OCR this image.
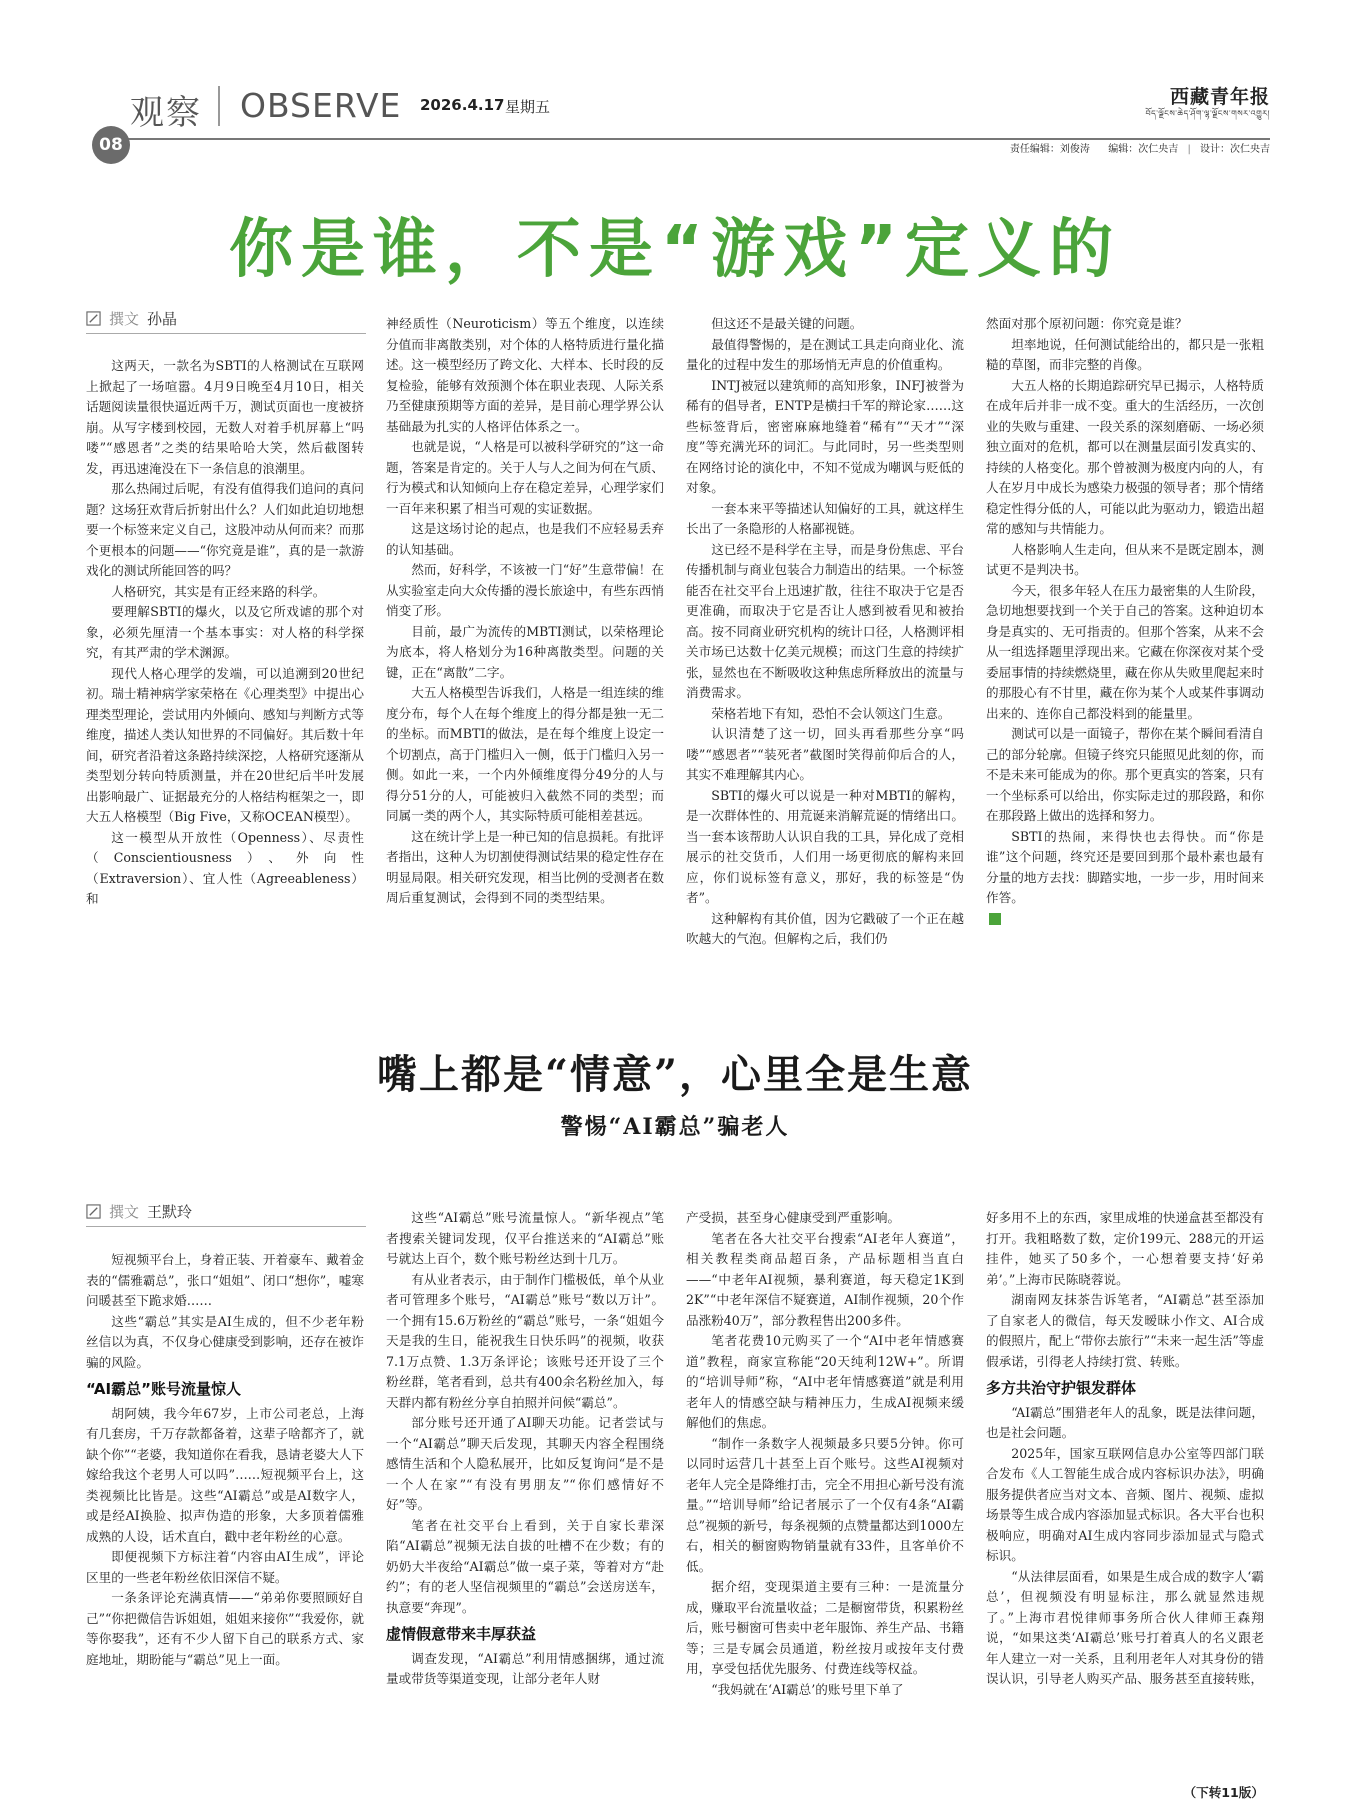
观察 OBSERVE 2026.4.17 星期五	西藏青年报
བོད་ལྗོངས་ཆེད་ཤོག་ལྷ་ལྗོངས་གསར་འགྱུར།
08	责任编辑：刘俊涛 编辑：次仁央吉 | 设计：次仁央吉
你是谁，不是“游戏”定义的
撰文 孙晶

这两天，一款名为SBTI的人格测试在互联网上掀起了一场喧嚣。4月9日晚至4月10日，相关话题阅读量很快逼近两千万，测试页面也一度被挤崩。从写字楼到校园，无数人对着手机屏幕上“吗喽”“感恩者”之类的结果哈哈大笑，然后截图转发，再迅速淹没在下一条信息的浪潮里。

那么热闹过后呢，有没有值得我们追问的真问题？这场狂欢背后折射出什么？人们如此迫切地想要一个标签来定义自己，这股冲动从何而来？而那个更根本的问题——“你究竟是谁”，真的是一款游戏化的测试所能回答的吗？

人格研究，其实是有正经来路的科学。

要理解SBTI的爆火，以及它所戏谑的那个对象，必须先厘清一个基本事实：对人格的科学探究，有其严肃的学术渊源。

现代人格心理学的发端，可以追溯到20世纪初。瑞士精神病学家荣格在《心理类型》中提出心理类型理论，尝试用内外倾向、感知与判断方式等维度，描述人类认知世界的不同偏好。其后数十年间，研究者沿着这条路持续深挖，人格研究逐渐从类型划分转向特质测量，并在20世纪后半叶发展出影响最广、证据最充分的人格结构框架之一，即大五人格模型（Big Five，又称OCEAN模型）。

这一模型从开放性（Openness）、尽责性（Conscientiousness）、外向性（Extraversion）、宜人性（Agreeableness）和

神经质性（Neuroticism）等五个维度，以连续分值而非离散类别，对个体的人格特质进行量化描述。这一模型经历了跨文化、大样本、长时段的反复检验，能够有效预测个体在职业表现、人际关系乃至健康预期等方面的差异，是目前心理学界公认基础最为扎实的人格评估体系之一。

也就是说，“人格是可以被科学研究的”这一命题，答案是肯定的。关于人与人之间为何在气质、行为模式和认知倾向上存在稳定差异，心理学家们一百年来积累了相当可观的实证数据。

这是这场讨论的起点，也是我们不应轻易丢弃的认知基础。

然而，好科学，不该被一门“好”生意带偏！在从实验室走向大众传播的漫长旅途中，有些东西悄悄变了形。

目前，最广为流传的MBTI测试，以荣格理论为底本，将人格划分为16种离散类型。问题的关键，正在“离散”二字。

大五人格模型告诉我们，人格是一组连续的维度分布，每个人在每个维度上的得分都是独一无二的坐标。而MBTI的做法，是在每个维度上设定一个切割点，高于门槛归入一侧，低于门槛归入另一侧。如此一来，一个内外倾维度得分49分的人与得分51分的人，可能被归入截然不同的类型；而同属一类的两个人，其实际特质可能相差甚远。

这在统计学上是一种已知的信息损耗。有批评者指出，这种人为切割使得测试结果的稳定性存在明显局限。相关研究发现，相当比例的受测者在数周后重复测试，会得到不同的类型结果。

但这还不是最关键的问题。

最值得警惕的，是在测试工具走向商业化、流量化的过程中发生的那场悄无声息的价值重构。

INTJ被冠以建筑师的高知形象，INFJ被誉为稀有的倡导者，ENTP是横扫千军的辩论家……这些标签背后，密密麻麻地缝着“稀有”“天才”“深度”等充满光环的词汇。与此同时，另一些类型则在网络讨论的演化中，不知不觉成为嘲讽与贬低的对象。

一套本来平等描述认知偏好的工具，就这样生长出了一条隐形的人格鄙视链。

这已经不是科学在主导，而是身份焦虑、平台传播机制与商业包装合力制造出的结果。一个标签能否在社交平台上迅速扩散，往往不取决于它是否更准确，而取决于它是否让人感到被看见和被抬高。按不同商业研究机构的统计口径，人格测评相关市场已达数十亿美元规模；而这门生意的持续扩张，显然也在不断吸收这种焦虑所释放出的流量与消费需求。

荣格若地下有知，恐怕不会认领这门生意。

认识清楚了这一切，回头再看那些分享“吗喽”“感恩者”“装死者”截图时笑得前仰后合的人，其实不难理解其内心。

SBTI的爆火可以说是一种对MBTI的解构，是一次群体性的、用荒诞来消解荒诞的情绪出口。当一套本该帮助人认识自我的工具，异化成了竞相展示的社交货币，人们用一场更彻底的解构来回应，你们说标签有意义，那好，我的标签是“伪者”。

这种解构有其价值，因为它戳破了一个正在越吹越大的气泡。但解构之后，我们仍

然面对那个原初问题：你究竟是谁？

坦率地说，任何测试能给出的，都只是一张粗糙的草图，而非完整的肖像。

大五人格的长期追踪研究早已揭示，人格特质在成年后并非一成不变。重大的生活经历，一次创业的失败与重建、一段关系的深刻磨砺、一场必须独立面对的危机，都可以在测量层面引发真实的、持续的人格变化。那个曾被测为极度内向的人，有人在岁月中成长为感染力极强的领导者；那个情绪稳定性得分低的人，可能以此为驱动力，锻造出超常的感知与共情能力。

人格影响人生走向，但从来不是既定剧本，测试更不是判决书。

今天，很多年轻人在压力最密集的人生阶段，急切地想要找到一个关于自己的答案。这种迫切本身是真实的、无可指责的。但那个答案，从来不会从一组选择题里浮现出来。它藏在你深夜对某个受委屈事情的持续燃烧里，藏在你从失败里爬起来时的那股心有不甘里，藏在你为某个人或某件事调动出来的、连你自己都没料到的能量里。

测试可以是一面镜子，帮你在某个瞬间看清自己的部分轮廓。但镜子终究只能照见此刻的你，而不是未来可能成为的你。那个更真实的答案，只有一个坐标系可以给出，你实际走过的那段路，和你在那段路上做出的选择和努力。

SBTI的热闹，来得快也去得快。而“你是谁”这个问题，终究还是要回到那个最朴素也最有分量的地方去找：脚踏实地，一步一步，用时间来作答。

嘴上都是“情意”，心里全是生意
警惕“AI霸总”骗老人
撰文 王默玲

短视频平台上，身着正装、开着豪车、戴着金表的“儒雅霸总”，张口“姐姐”、闭口“想你”，嘘寒问暖甚至下跪求婚……

这些“霸总”其实是AI生成的，但不少老年粉丝信以为真，不仅身心健康受到影响，还存在被诈骗的风险。

“AI霸总”账号流量惊人

胡阿姨，我今年67岁，上市公司老总，上海有几套房，千万存款都备着，这辈子啥都齐了，就缺个你”“老婆，我知道你在看我，恳请老婆大人下嫁给我这个老男人可以吗”……短视频平台上，这类视频比比皆是。这些“AI霸总”或是AI数字人，或是经AI换脸、拟声伪造的形象，大多顶着儒雅成熟的人设，话术直白，戳中老年粉丝的心意。

即便视频下方标注着“内容由AI生成”，评论区里的一些老年粉丝依旧深信不疑。

一条条评论充满真情——“弟弟你要照顾好自己”“你把微信告诉姐姐，姐姐来接你”“我爱你，就等你娶我”，还有不少人留下自己的联系方式、家庭地址，期盼能与“霸总”见上一面。

这些“AI霸总”账号流量惊人。“新华视点”笔者搜索关键词发现，仅平台推送来的“AI霸总”账号就达上百个，数个账号粉丝达到十几万。

有从业者表示，由于制作门槛极低，单个从业者可管理多个账号，“AI霸总”账号“数以万计”。一个拥有15.6万粉丝的“霸总”账号，一条“姐姐今天是我的生日，能祝我生日快乐吗”的视频，收获7.1万点赞、1.3万条评论；该账号还开设了三个粉丝群，笔者看到，总共有400余名粉丝加入，每天群内都有粉丝分享自拍照并问候“霸总”。

部分账号还开通了AI聊天功能。记者尝试与一个“AI霸总”聊天后发现，其聊天内容全程围绕感情生活和个人隐私展开，比如反复询问“是不是一个人在家”“有没有男朋友”“你们感情好不好”等。

笔者在社交平台上看到，关于自家长辈深陷“AI霸总”视频无法自拔的吐槽不在少数；有的奶奶大半夜给“AI霸总”做一桌子菜，等着对方“赴约”；有的老人坚信视频里的“霸总”会送房送车，执意要“奔现”。

虚情假意带来丰厚获益

调查发现，“AI霸总”利用情感捆绑，通过流量或带货等渠道变现，让部分老年人财

产受损，甚至身心健康受到严重影响。

笔者在各大社交平台搜索“AI老年人赛道”，相关教程类商品超百条，产品标题相当直白——“中老年AI视频，暴利赛道，每天稳定1K到2K”“中老年深信不疑赛道，AI制作视频，20个作品涨粉40万”，部分教程售出200多件。

笔者花费10元购买了一个“AI中老年情感赛道”教程，商家宣称能“20天纯利12W+”。所谓的“培训导师”称，“AI中老年情感赛道”就是利用老年人的情感空缺与精神压力，生成AI视频来缓解他们的焦虑。

“制作一条数字人视频最多只要5分钟。你可以同时运营几十甚至上百个账号。这些AI视频对老年人完全是降维打击，完全不用担心新号没有流量。”“培训导师”给记者展示了一个仅有4条“AI霸总”视频的新号，每条视频的点赞量都达到1000左右，相关的橱窗购物销量就有33件，且客单价不低。

据介绍，变现渠道主要有三种：一是流量分成，赚取平台流量收益；二是橱窗带货，积累粉丝后，账号橱窗可售卖中老年服饰、养生产品、书籍等；三是专属会员通道，粉丝按月或按年支付费用，享受包括优先服务、付费连线等权益。

“我妈就在‘AI霸总’的账号里下单了

好多用不上的东西，家里成堆的快递盒甚至都没有打开。我粗略数了数，定价199元、288元的开运挂件，她买了50多个，一心想着要支持‘好弟弟’。”上海市民陈晓蓉说。

湖南网友抹茶告诉笔者，“AI霸总”甚至添加了自家老人的微信，每天发暧昧小作文、AI合成的假照片，配上“带你去旅行”“未来一起生活”等虚假承诺，引得老人持续打赏、转账。

多方共治守护银发群体

“AI霸总”围猎老年人的乱象，既是法律问题，也是社会问题。

2025年，国家互联网信息办公室等四部门联合发布《人工智能生成合成内容标识办法》，明确服务提供者应当对文本、音频、图片、视频、虚拟场景等生成合成内容添加显式标识。各大平台也积极响应，明确对AI生成内容同步添加显式与隐式标识。

“从法律层面看，如果是生成合成的数字人‘霸总’，但视频没有明显标注，那么就显然违规了。”上海市君悦律师事务所合伙人律师王森翔说，“如果这类‘AI霸总’账号打着真人的名义跟老年人建立一对一关系，且利用老年人对其身份的错误认识，引导老人购买产品、服务甚至直接转账，

（下转11版）
